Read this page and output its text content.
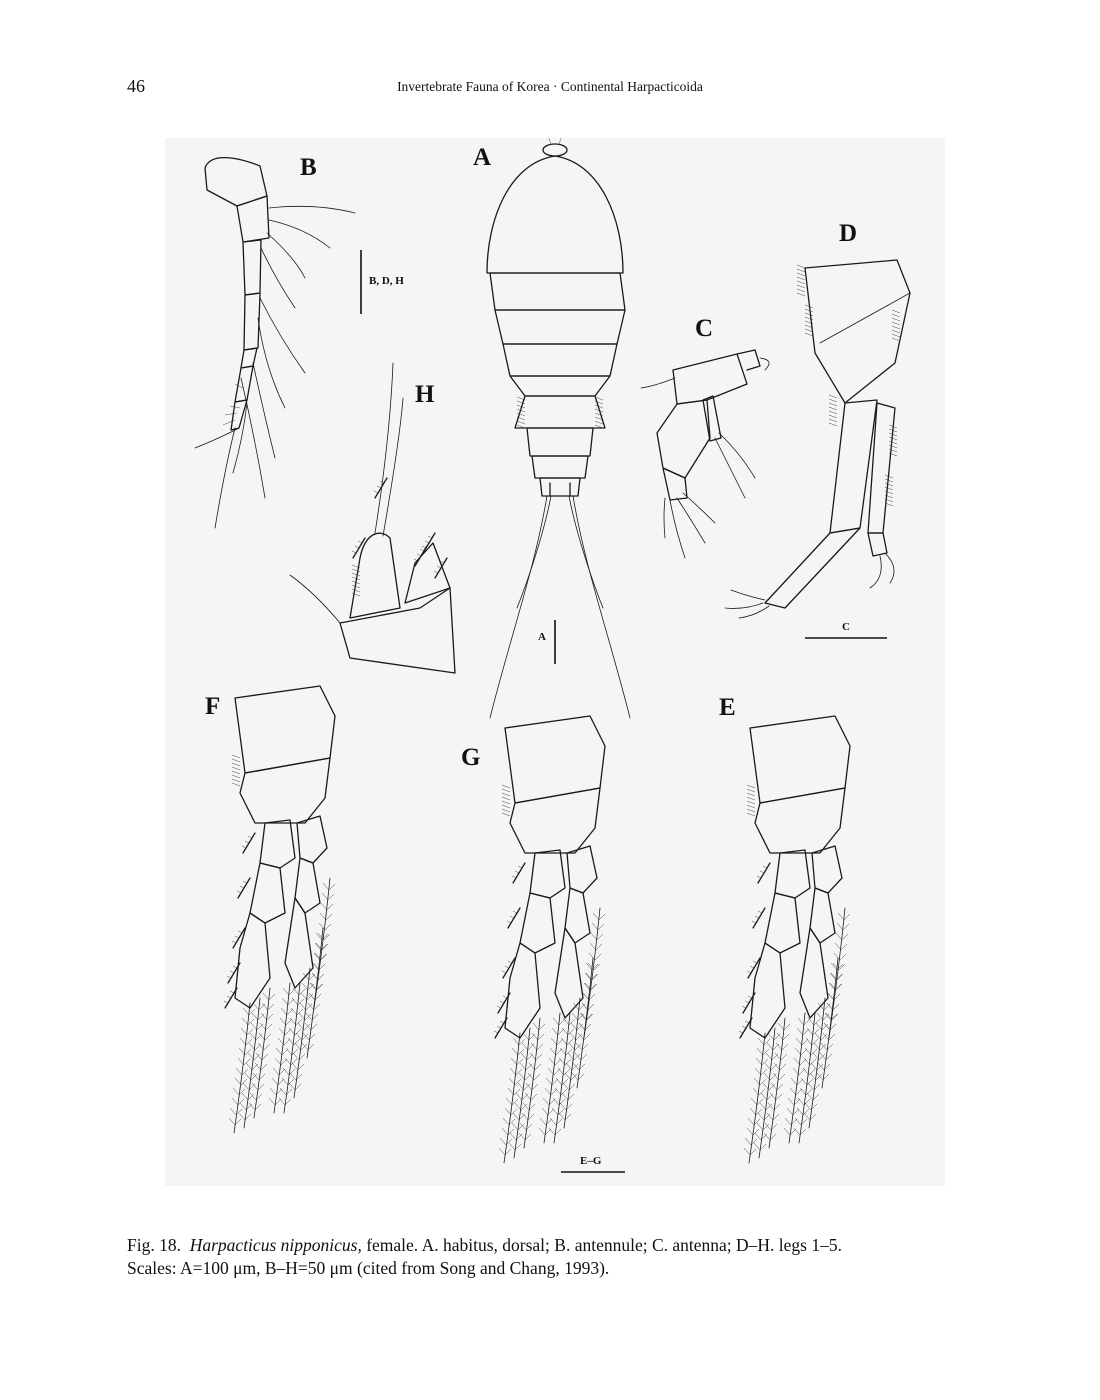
46	Invertebrate Fauna of Korea · Continental Harpacticoida
A
A
B
B, D, H
H
C
D
C
F
G
E
E–G
Fig. 18. Harpacticus nipponicus, female. A. habitus, dorsal; B. antennule; C. antenna; D–H. legs 1–5.
Scales: A=100 μm, B–H=50 μm (cited from Song and Chang, 1993).
